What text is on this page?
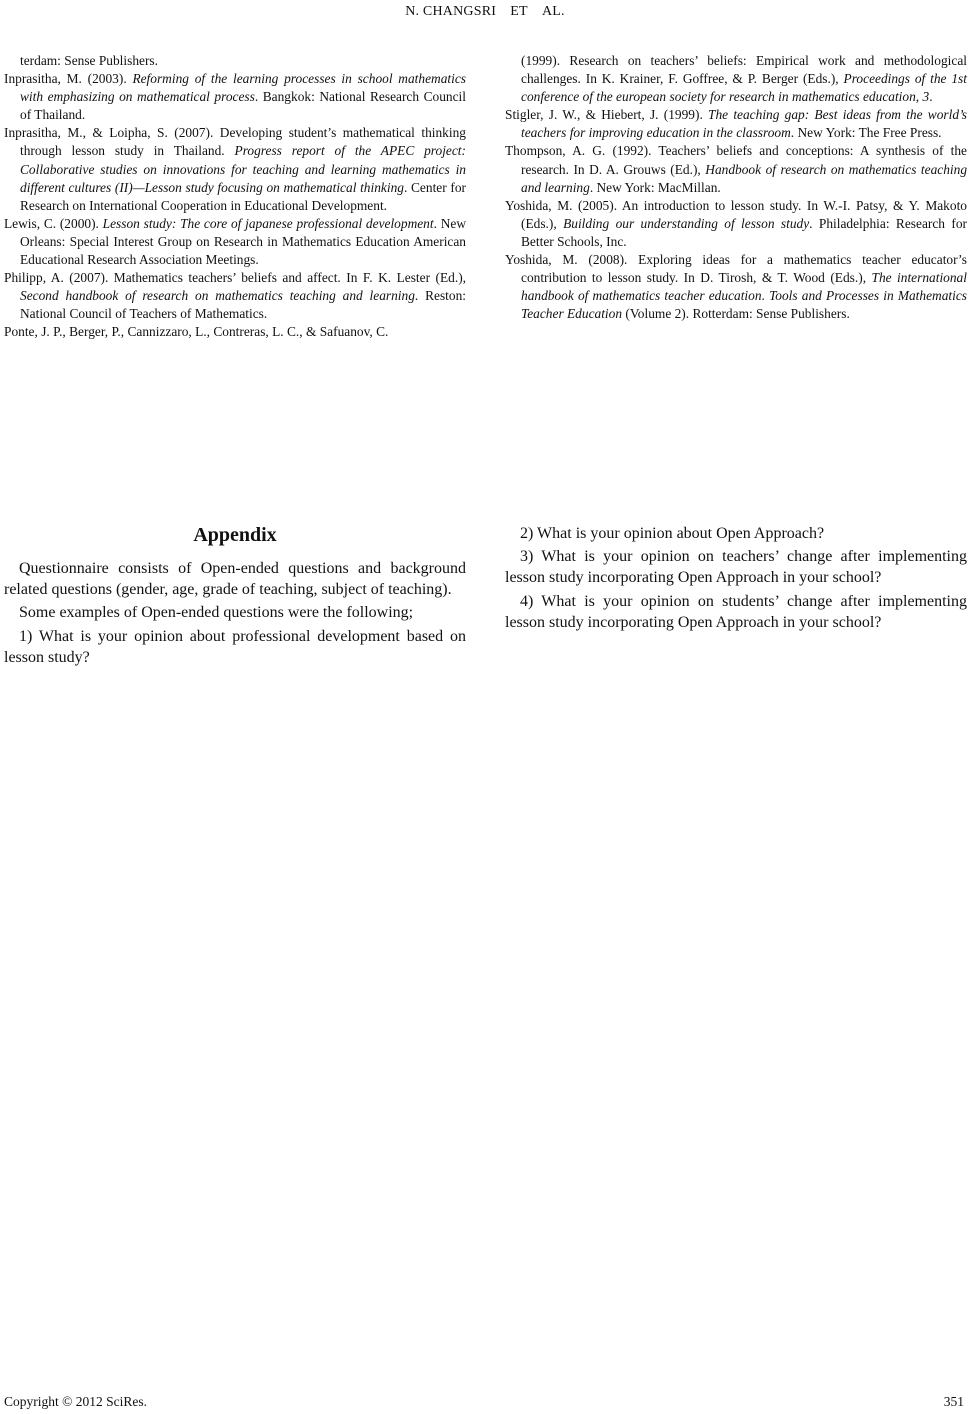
N. CHANGSRI ET AL.

terdam: Sense Publishers.

Inprasitha, M. (2003). Reforming of the learning processes in school mathematics with emphasizing on mathematical process. Bangkok: National Research Council of Thailand.

Inprasitha, M., & Loipha, S. (2007). Developing student’s mathematical thinking through lesson study in Thailand. Progress report of the APEC project: Collaborative studies on innovations for teaching and learning mathematics in different cultures (II)—Lesson study focusing on mathematical thinking. Center for Research on International Cooperation in Educational Development.

Lewis, C. (2000). Lesson study: The core of japanese professional development. New Orleans: Special Interest Group on Research in Mathematics Education American Educational Research Association Meetings.

Philipp, A. (2007). Mathematics teachers’ beliefs and affect. In F. K. Lester (Ed.), Second handbook of research on mathematics teaching and learning. Reston: National Council of Teachers of Mathematics.

Ponte, J. P., Berger, P., Cannizzaro, L., Contreras, L. C., & Safuanov, C.

(1999). Research on teachers’ beliefs: Empirical work and methodological challenges. In K. Krainer, F. Goffree, & P. Berger (Eds.), Proceedings of the 1st conference of the european society for research in mathematics education, 3.

Stigler, J. W., & Hiebert, J. (1999). The teaching gap: Best ideas from the world’s teachers for improving education in the classroom. New York: The Free Press.

Thompson, A. G. (1992). Teachers’ beliefs and conceptions: A synthesis of the research. In D. A. Grouws (Ed.), Handbook of research on mathematics teaching and learning. New York: MacMillan.

Yoshida, M. (2005). An introduction to lesson study. In W.-I. Patsy, & Y. Makoto (Eds.), Building our understanding of lesson study. Philadelphia: Research for Better Schools, Inc.

Yoshida, M. (2008). Exploring ideas for a mathematics teacher educator’s contribution to lesson study. In D. Tirosh, & T. Wood (Eds.), The international handbook of mathematics teacher education. Tools and Processes in Mathematics Teacher Education (Volume 2). Rotterdam: Sense Publishers.

Appendix

Questionnaire consists of Open-ended questions and background related questions (gender, age, grade of teaching, subject of teaching).

Some examples of Open-ended questions were the following;

1) What is your opinion about professional development based on lesson study?

2) What is your opinion about Open Approach?

3) What is your opinion on teachers’ change after implementing lesson study incorporating Open Approach in your school?

4) What is your opinion on students’ change after implementing lesson study incorporating Open Approach in your school?

Copyright © 2012 SciRes.	351
